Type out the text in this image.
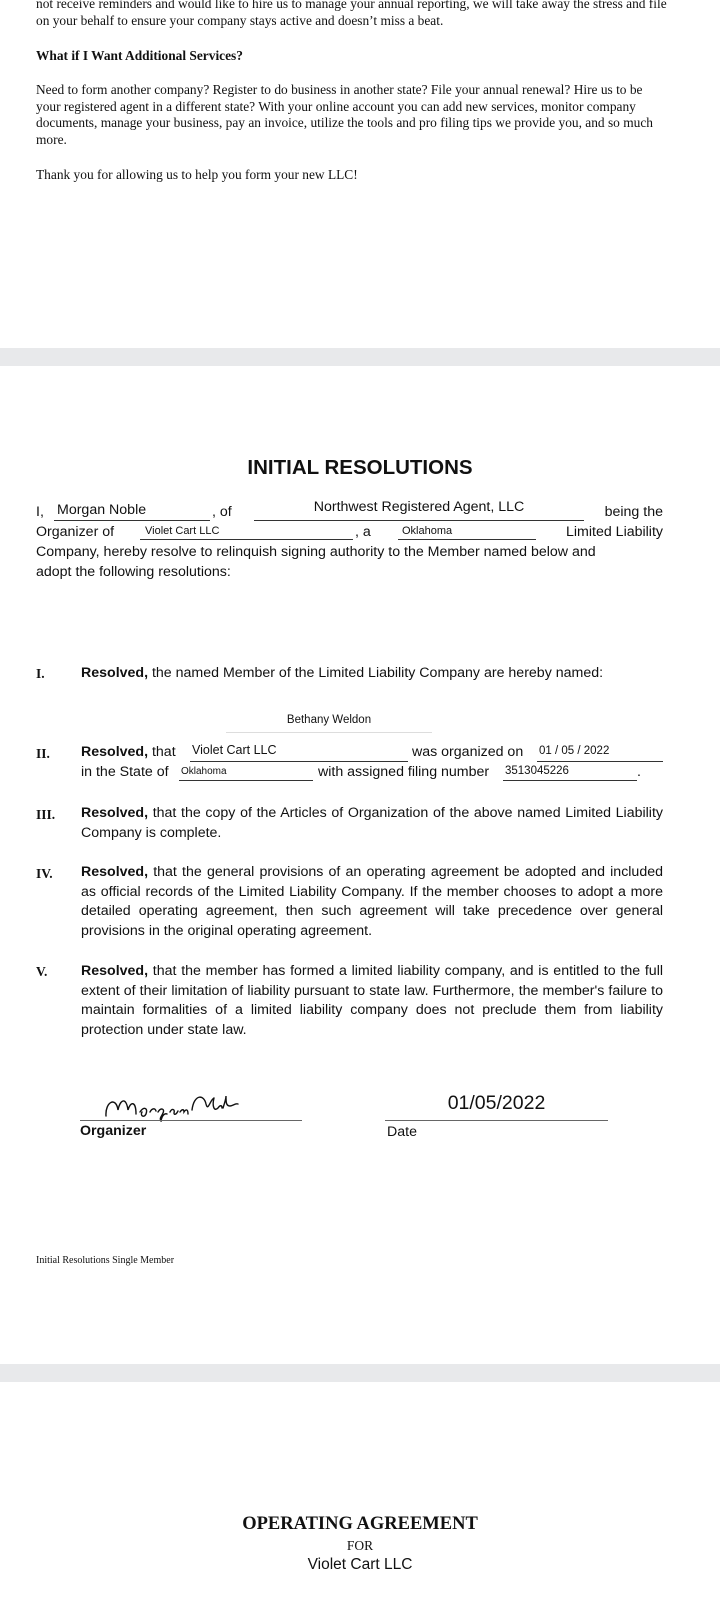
not receive reminders and would like to hire us to manage your annual reporting, we will take away the stress and file on your behalf to ensure your company stays active and doesn’t miss a beat.
What if I Want Additional Services?
Need to form another company? Register to do business in another state? File your annual renewal? Hire us to be your registered agent in a different state? With your online account you can add new services, monitor company documents, manage your business, pay an invoice, utilize the tools and pro filing tips we provide you, and so much more.
Thank you for allowing us to help you form your new LLC!
INITIAL RESOLUTIONS
I, Morgan Noble	, of	Northwest Registered Agent, LLC	being the
Organizer of	Violet Cart LLC	, a	Oklahoma	Limited Liability
Company, hereby resolve to relinquish signing authority to the Member named below and
adopt the following resolutions:
I.	Resolved, the named Member of the Limited Liability Company are hereby named:
Bethany Weldon
II. Resolved, that Violet Cart LLC	was organized on 01 / 05 / 2022
in the State of Oklahoma	with assigned filing number 3513045226	.
III. Resolved, that the copy of the Articles of Organization of the above named Limited Liability Company is complete.
IV. Resolved, that the general provisions of an operating agreement be adopted and included as official records of the Limited Liability Company. If the member chooses to adopt a more detailed operating agreement, then such agreement will take precedence over general provisions in the original operating agreement.
V. Resolved, that the member has formed a limited liability company, and is entitled to the full extent of their limitation of liability pursuant to state law. Furthermore, the member's failure to maintain formalities of a limited liability company does not preclude them from liability protection under state law.
Organizer
01/05/2022
Date
Initial Resolutions Single Member
OPERATING AGREEMENT
FOR
Violet Cart LLC
